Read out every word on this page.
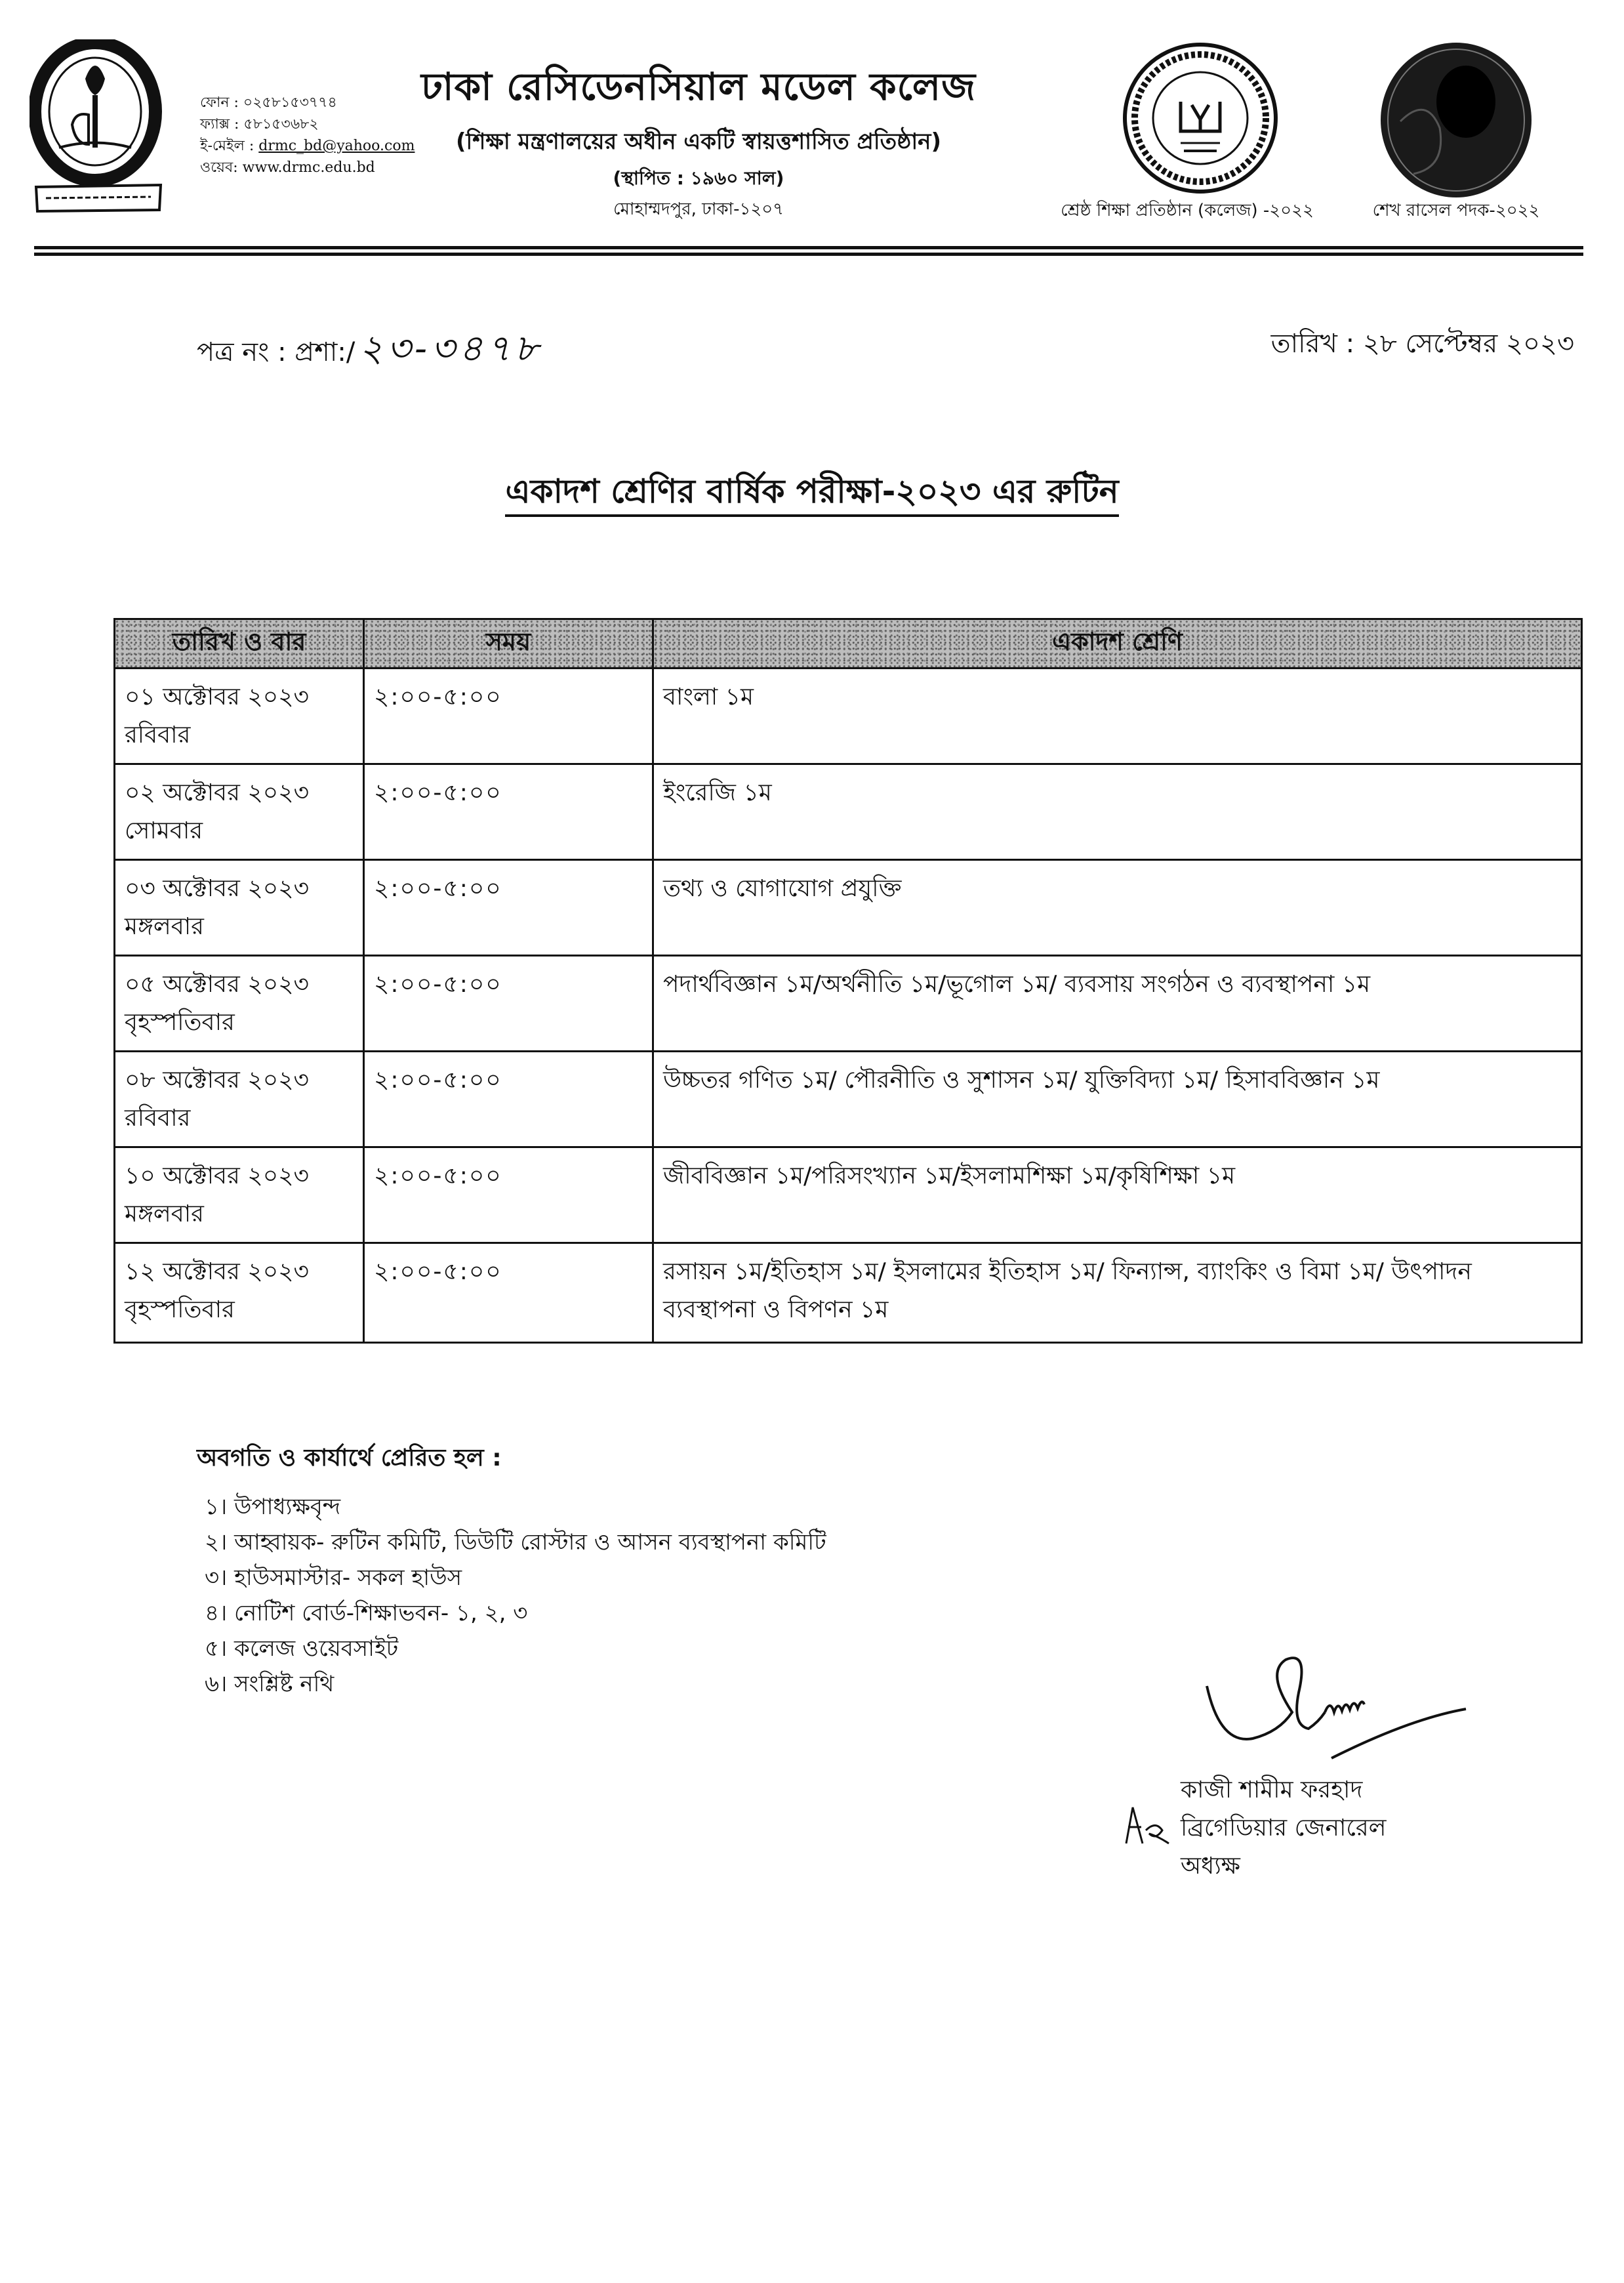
ফোন : ০২৫৮১৫৩৭৭৪
ফ্যাক্স : ৫৮১৫৩৬৮২
ই-মেইল : drmc_bd@yahoo.com
ওয়েব: www.drmc.edu.bd
ঢাকা রেসিডেনসিয়াল মডেল কলেজ
(শিক্ষা মন্ত্রণালয়ের অধীন একটি স্বায়ত্তশাসিত প্রতিষ্ঠান)
(স্থাপিত : ১৯৬০ সাল)
মোহাম্মদপুর, ঢাকা-১২০৭	শ্রেষ্ঠ শিক্ষা প্রতিষ্ঠান (কলেজ) -২০২২	শেখ রাসেল পদক-২০২২
পত্র নং : প্রশা:/ ২৩-৩৪৭৮	তারিখ : ২৮ সেপ্টেম্বর ২০২৩
একাদশ শ্রেণির বার্ষিক পরীক্ষা-২০২৩ এর রুটিন
তারিখ ও বার	সময়	একাদশ শ্রেণি

০১ অক্টোবর ২০২৩
রবিবার	২:০০-৫:০০	বাংলা ১ম

০২ অক্টোবর ২০২৩
সোমবার	২:০০-৫:০০	ইংরেজি ১ম

০৩ অক্টোবর ২০২৩
মঙ্গলবার	২:০০-৫:০০	তথ্য ও যোগাযোগ প্রযুক্তি

০৫ অক্টোবর ২০২৩
বৃহস্পতিবার	২:০০-৫:০০	পদার্থবিজ্ঞান ১ম/অর্থনীতি ১ম/ভূগোল ১ম/ ব্যবসায় সংগঠন ও ব্যবস্থাপনা ১ম

০৮ অক্টোবর ২০২৩
রবিবার	২:০০-৫:০০	উচ্চতর গণিত ১ম/ পৌরনীতি ও সুশাসন ১ম/ যুক্তিবিদ্যা ১ম/ হিসাববিজ্ঞান ১ম

১০ অক্টোবর ২০২৩
মঙ্গলবার	২:০০-৫:০০	জীববিজ্ঞান ১ম/পরিসংখ্যান ১ম/ইসলামশিক্ষা ১ম/কৃষিশিক্ষা ১ম

১২ অক্টোবর ২০২৩
বৃহস্পতিবার	২:০০-৫:০০	রসায়ন ১ম/ইতিহাস ১ম/ ইসলামের ইতিহাস ১ম/ ফিন্যান্স, ব্যাংকিং ও বিমা ১ম/ উৎপাদন ব্যবস্থাপনা ও বিপণন ১ম
অবগতি ও কার্যার্থে প্রেরিত হল :
১। উপাধ্যক্ষবৃন্দ
২। আহ্বায়ক- রুটিন কমিটি, ডিউটি রোস্টার ও আসন ব্যবস্থাপনা কমিটি
৩। হাউসমাস্টার- সকল হাউস
৪। নোটিশ বোর্ড-শিক্ষাভবন- ১, ২, ৩
৫। কলেজ ওয়েবসাইট
৬। সংশ্লিষ্ট নথি
কাজী শামীম ফরহাদ
ব্রিগেডিয়ার জেনারেল
অধ্যক্ষ
